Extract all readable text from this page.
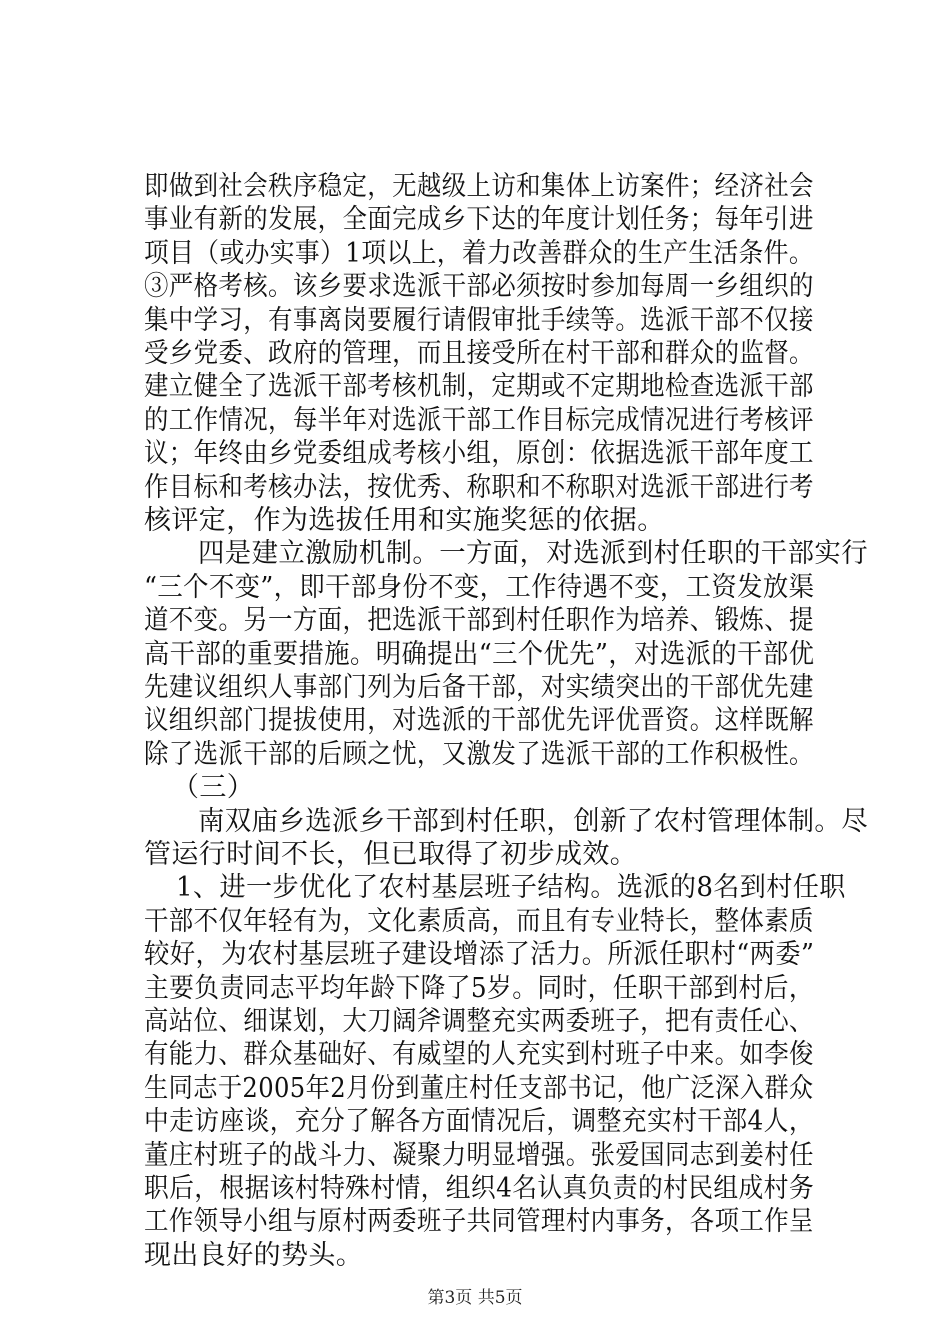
即做到社会秩序稳定，无越级上访和集体上访案件；经济社会
事业有新的发展，全面完成乡下达的年度计划任务；每年引进
项目（或办实事）1项以上，着力改善群众的生产生活条件。
③严格考核。该乡要求选派干部必须按时参加每周一乡组织的
集中学习，有事离岗要履行请假审批手续等。选派干部不仅接
受乡党委、政府的管理，而且接受所在村干部和群众的监督。
建立健全了选派干部考核机制，定期或不定期地检查选派干部
的工作情况，每半年对选派干部工作目标完成情况进行考核评
议；年终由乡党委组成考核小组，原创：依据选派干部年度工
作目标和考核办法，按优秀、称职和不称职对选派干部进行考
核评定，作为选拔任用和实施奖惩的依据。
四是建立激励机制。一方面，对选派到村任职的干部实行
“三个不变”，即干部身份不变，工作待遇不变，工资发放渠
道不变。另一方面，把选派干部到村任职作为培养、锻炼、提
高干部的重要措施。明确提出“三个优先”，对选派的干部优
先建议组织人事部门列为后备干部，对实绩突出的干部优先建
议组织部门提拔使用，对选派的干部优先评优晋资。这样既解
除了选派干部的后顾之忧，又激发了选派干部的工作积极性。
（三）
南双庙乡选派乡干部到村任职，创新了农村管理体制。尽
管运行时间不长，但已取得了初步成效。
1、进一步优化了农村基层班子结构。选派的8名到村任职
干部不仅年轻有为，文化素质高，而且有专业特长，整体素质
较好，为农村基层班子建设增添了活力。所派任职村“两委”
主要负责同志平均年龄下降了5岁。同时，任职干部到村后，
高站位、细谋划，大刀阔斧调整充实两委班子，把有责任心、
有能力、群众基础好、有威望的人充实到村班子中来。如李俊
生同志于2005年2月份到董庄村任支部书记，他广泛深入群众
中走访座谈，充分了解各方面情况后，调整充实村干部4人，
董庄村班子的战斗力、凝聚力明显增强。张爱国同志到姜村任
职后，根据该村特殊村情，组织4名认真负责的村民组成村务
工作领导小组与原村两委班子共同管理村内事务，各项工作呈
现出良好的势头。
第3页 共5页
